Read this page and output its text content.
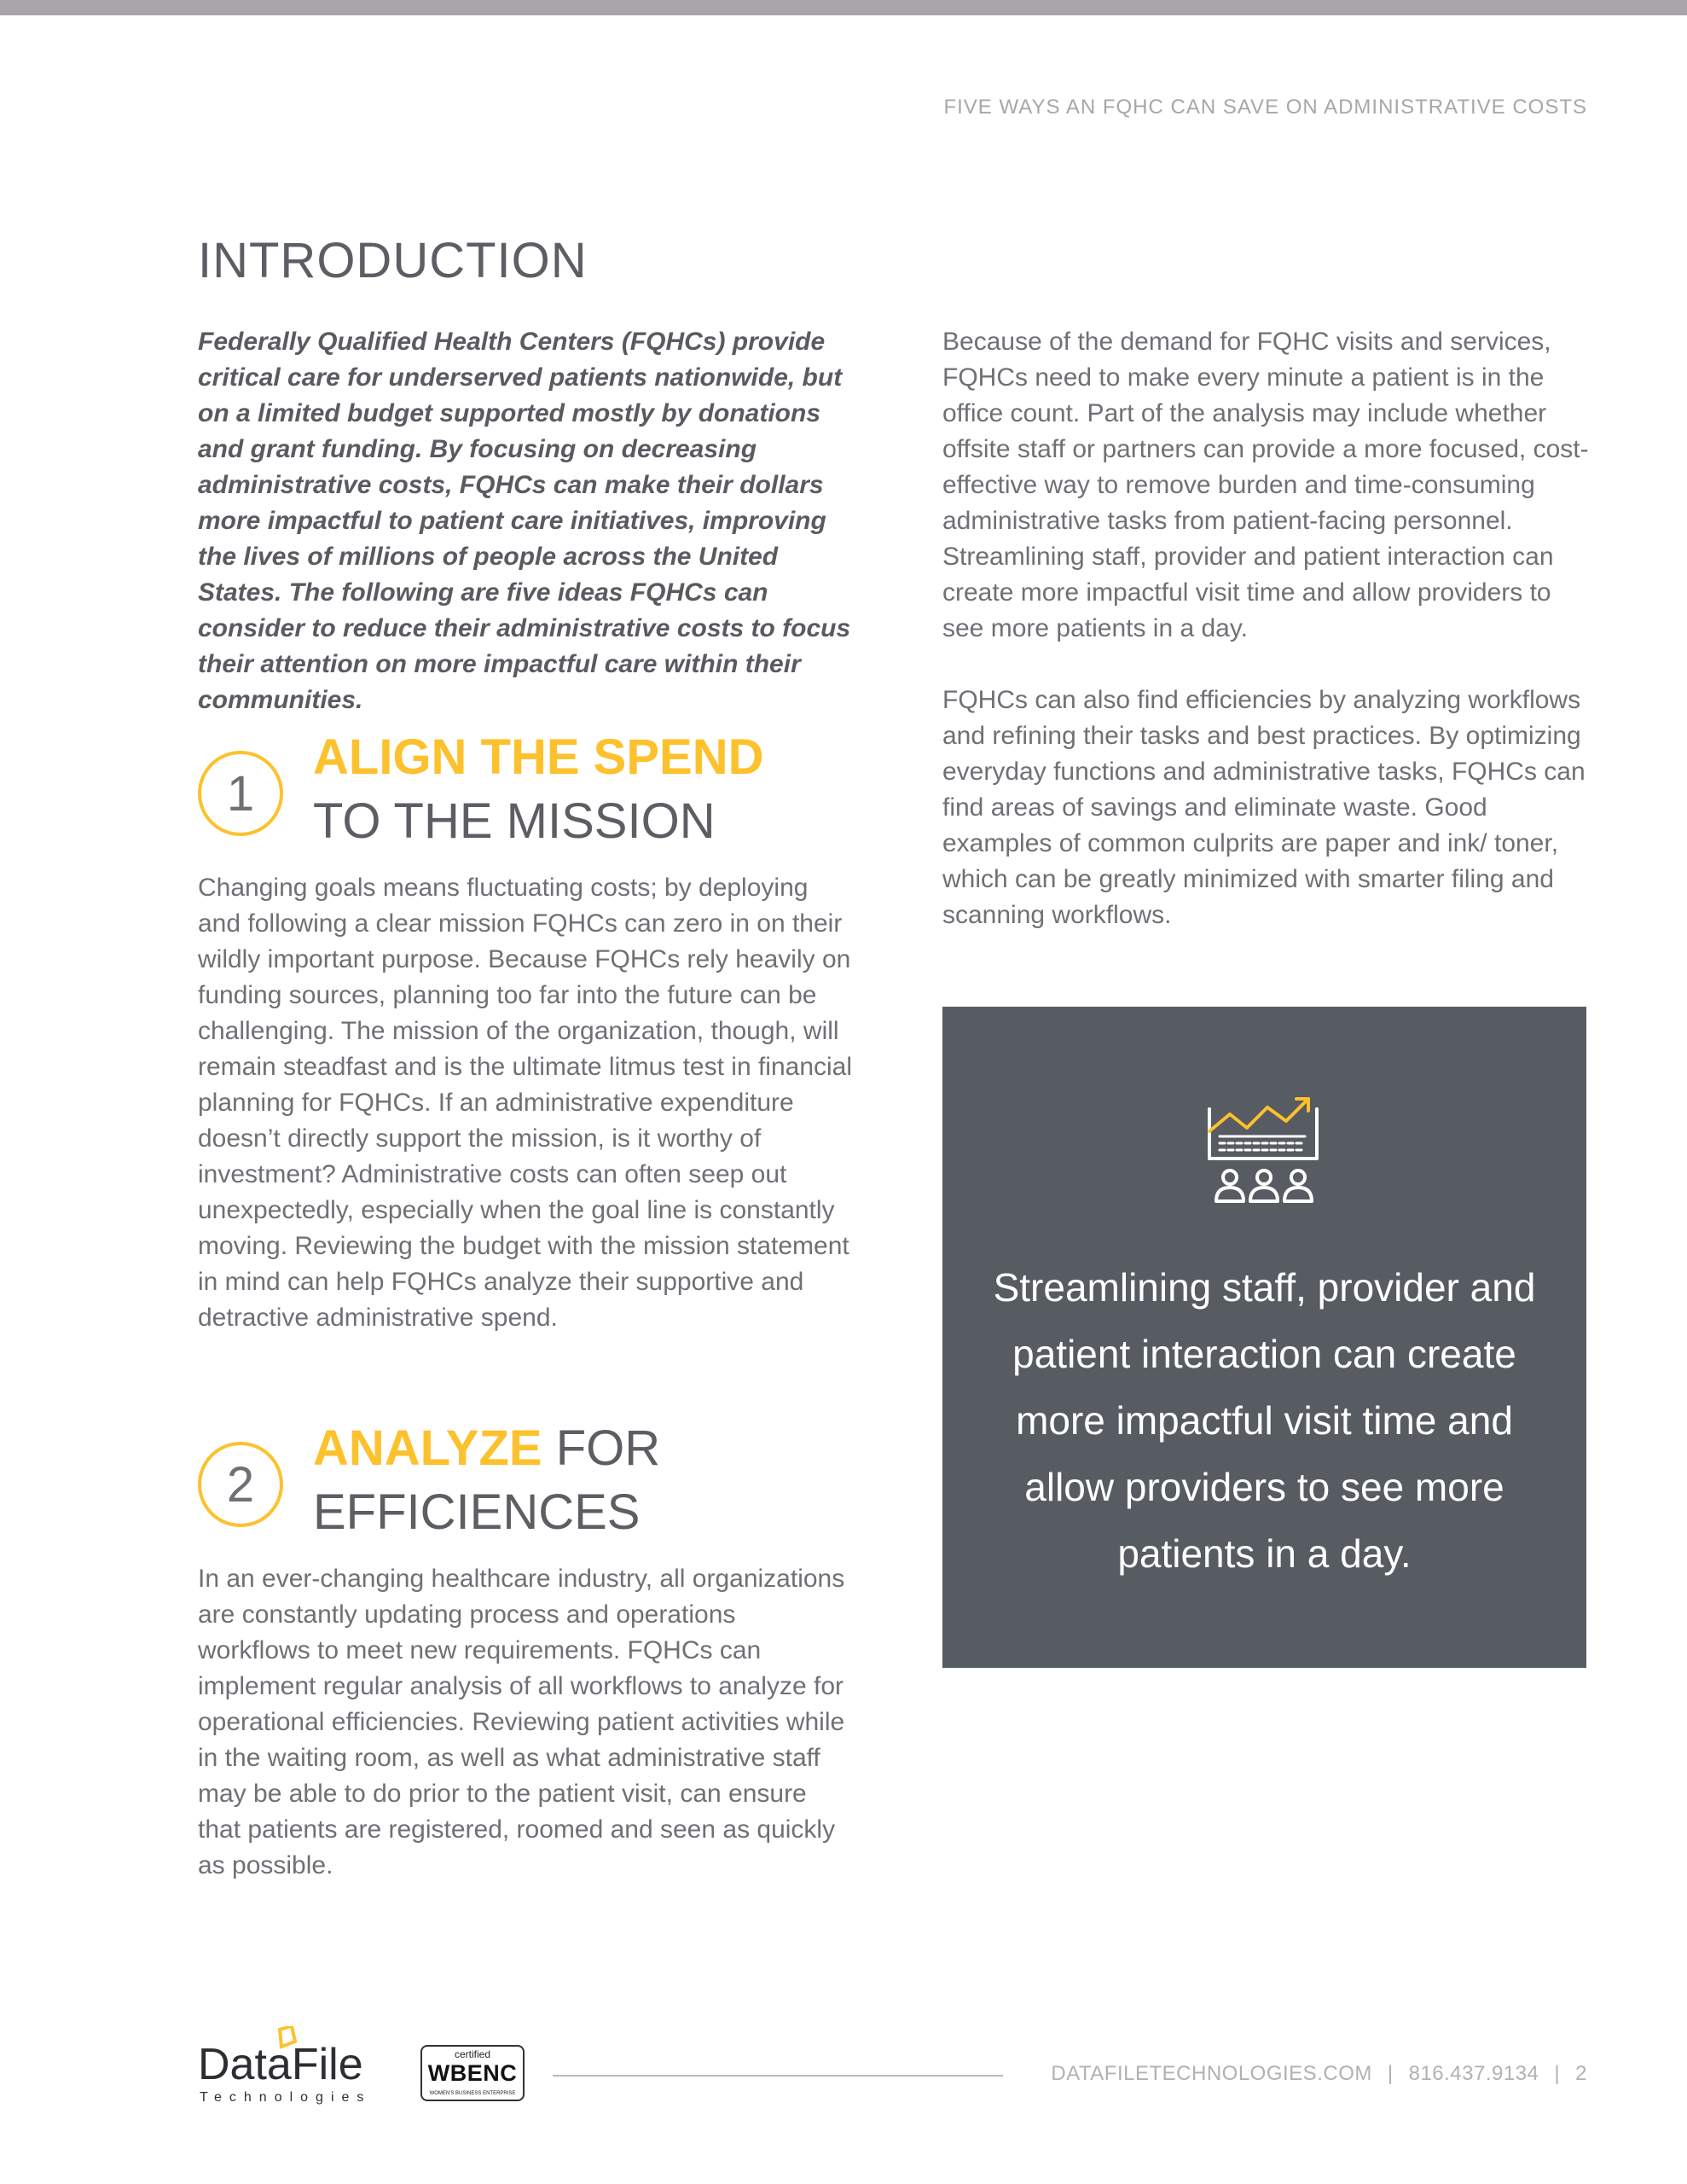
FIVE WAYS AN FQHC CAN SAVE ON ADMINISTRATIVE COSTS
INTRODUCTION

Federally Qualified Health Centers (FQHCs) provide critical care for underserved patients nationwide, but on a limited budget supported mostly by donations and grant funding. By focusing on decreasing administrative costs, FQHCs can make their dollars more impactful to patient care initiatives, improving the lives of millions of people across the United States. The following are five ideas FQHCs can consider to reduce their administrative costs to focus their attention on more impactful care within their communities.

Because of the demand for FQHC visits and services, FQHCs need to make every minute a patient is in the office count. Part of the analysis may include whether offsite staff or partners can provide a more focused, cost-effective way to remove burden and time-consuming administrative tasks from patient-facing personnel. Streamlining staff, provider and patient interaction can create more impactful visit time and allow providers to see more patients in a day.

FQHCs can also find efficiencies by analyzing workflows and refining their tasks and best practices. By optimizing everyday functions and administrative tasks, FQHCs can find areas of savings and eliminate waste. Good examples of common culprits are paper and ink/ toner, which can be greatly minimized with smarter filing and scanning workflows.

1
ALIGN THE SPEND
TO THE MISSION

Changing goals means fluctuating costs; by deploying and following a clear mission FQHCs can zero in on their wildly important purpose. Because FQHCs rely heavily on funding sources, planning too far into the future can be challenging. The mission of the organization, though, will remain steadfast and is the ultimate litmus test in financial planning for FQHCs. If an administrative expenditure doesn’t directly support the mission, is it worthy of investment? Administrative costs can often seep out unexpectedly, especially when the goal line is constantly moving. Reviewing the budget with the mission statement in mind can help FQHCs analyze their supportive and detractive administrative spend.

2
ANALYZE FOR EFFICIENCES

In an ever-changing healthcare industry, all organizations are constantly updating process and operations workflows to meet new requirements. FQHCs can implement regular analysis of all workflows to analyze for operational efficiencies. Reviewing patient activities while in the waiting room, as well as what administrative staff may be able to do prior to the patient visit, can ensure that patients are registered, roomed and seen as quickly as possible.

Streamlining staff, provider and patient interaction can create more impactful visit time and allow providers to see more patients in a day.

DataFile
Technologies
certified
WBENC
WOMEN'S BUSINESS ENTERPRISE
DATAFILETECHNOLOGIES.COM | 816.437.9134 | 2
